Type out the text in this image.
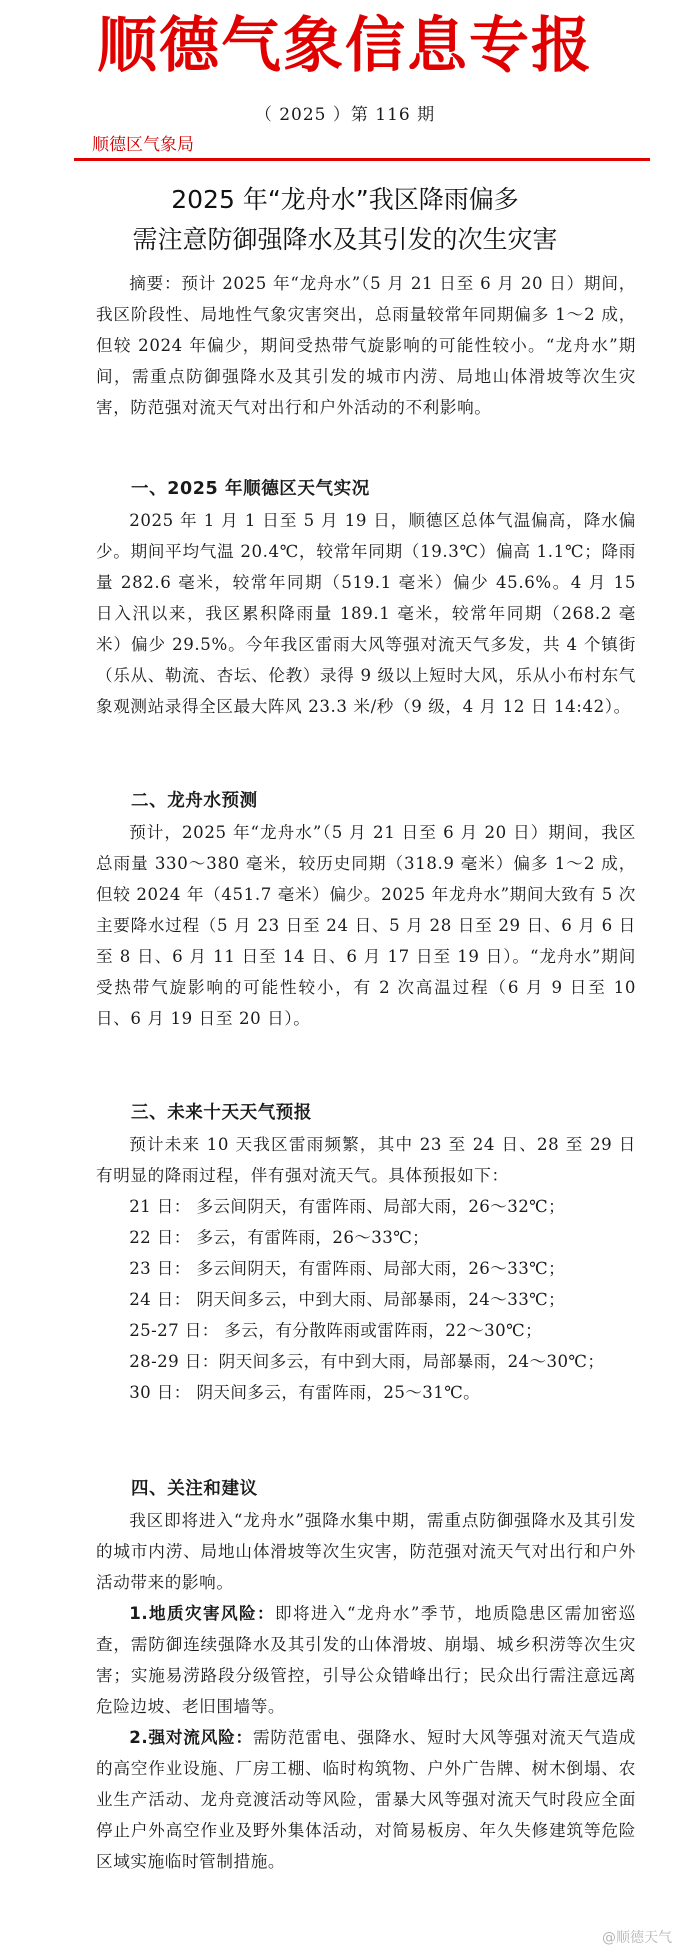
顺德气象信息专报
（ 2025 ）第 116 期
顺德区气象局
2025 年“龙舟水”我区降雨偏多
需注意防御强降水及其引发的次生灾害

摘要：预计 2025 年“龙舟水”（5 月 21 日至 6 月 20 日）期间，我区阶段性、局地性气象灾害突出，总雨量较常年同期偏多 1～2 成，但较 2024 年偏少，期间受热带气旋影响的可能性较小。“龙舟水”期间，需重点防御强降水及其引发的城市内涝、局地山体滑坡等次生灾害，防范强对流天气对出行和户外活动的不利影响。

一、2025 年顺德区天气实况

2025 年 1 月 1 日至 5 月 19 日，顺德区总体气温偏高，降水偏少。期间平均气温 20.4℃，较常年同期（19.3℃）偏高 1.1℃；降雨量 282.6 毫米，较常年同期（519.1 毫米）偏少 45.6%。4 月 15 日入汛以来，我区累积降雨量 189.1 毫米，较常年同期（268.2 毫米）偏少 29.5%。今年我区雷雨大风等强对流天气多发，共 4 个镇街（乐从、勒流、杏坛、伦教）录得 9 级以上短时大风，乐从小布村东气象观测站录得全区最大阵风 23.3 米/秒（9 级，4 月 12 日 14:42）。

二、龙舟水预测

预计，2025 年“龙舟水”（5 月 21 日至 6 月 20 日）期间，我区总雨量 330～380 毫米，较历史同期（318.9 毫米）偏多 1～2 成，但较 2024 年（451.7 毫米）偏少。2025 年龙舟水”期间大致有 5 次主要降水过程（5 月 23 日至 24 日、5 月 28 日至 29 日、6 月 6 日至 8 日、6 月 11 日至 14 日、6 月 17 日至 19 日）。“龙舟水”期间受热带气旋影响的可能性较小，有 2 次高温过程（6 月 9 日至 10 日、6 月 19 日至 20 日）。

三、未来十天天气预报

预计未来 10 天我区雷雨频繁，其中 23 至 24 日、28 至 29 日有明显的降雨过程，伴有强对流天气。具体预报如下：

21 日： 多云间阴天，有雷阵雨、局部大雨，26～32℃；

22 日： 多云，有雷阵雨，26～33℃；

23 日： 多云间阴天，有雷阵雨、局部大雨，26～33℃；

24 日： 阴天间多云，中到大雨、局部暴雨，24～33℃；

25-27 日： 多云，有分散阵雨或雷阵雨，22～30℃；

28-29 日：阴天间多云，有中到大雨，局部暴雨，24～30℃；

30 日： 阴天间多云，有雷阵雨，25～31℃。

四、关注和建议

我区即将进入“龙舟水”强降水集中期，需重点防御强降水及其引发的城市内涝、局地山体滑坡等次生灾害，防范强对流天气对出行和户外活动带来的影响。

1.地质灾害风险：即将进入“龙舟水”季节，地质隐患区需加密巡查，需防御连续强降水及其引发的山体滑坡、崩塌、城乡积涝等次生灾害；实施易涝路段分级管控，引导公众错峰出行；民众出行需注意远离危险边坡、老旧围墙等。

2.强对流风险：需防范雷电、强降水、短时大风等强对流天气造成的高空作业设施、厂房工棚、临时构筑物、户外广告牌、树木倒塌、农业生产活动、龙舟竞渡活动等风险，雷暴大风等强对流天气时段应全面停止户外高空作业及野外集体活动，对简易板房、年久失修建筑等危险区域实施临时管制措施。

@顺德天气
